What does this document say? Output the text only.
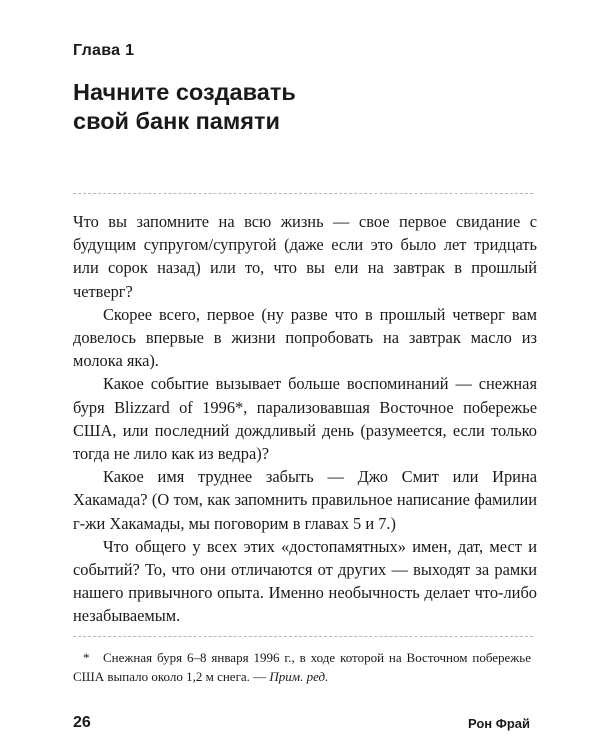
Глава 1
Начните создавать
свой банк памяти

Что вы запомните на всю жизнь — свое первое свидание с будущим супругом/супругой (даже если это было лет тридцать или сорок назад) или то, что вы ели на завтрак в прошлый четверг?

Скорее всего, первое (ну разве что в прошлый четверг вам довелось впервые в жизни попробовать на завтрак масло из молока яка).

Какое событие вызывает больше воспоминаний — снежная буря Blizzard of 1996*, парализовавшая Восточное побережье США, или последний дождливый день (разумеется, если только тогда не лило как из ведра)?

Какое имя труднее забыть — Джо Смит или Ирина Хакамада? (О том, как запомнить правильное написание фамилии г-жи Хакамады, мы поговорим в главах 5 и 7.)

Что общего у всех этих «достопамятных» имен, дат, мест и событий? То, что они отличаются от других — выходят за рамки нашего привычного опыта. Именно необычность делает что-либо незабываемым.

* Снежная буря 6–8 января 1996 г., в ходе которой на Восточном побережье США выпало около 1,2 м снега. — Прим. ред.

26	Рон Фрай
